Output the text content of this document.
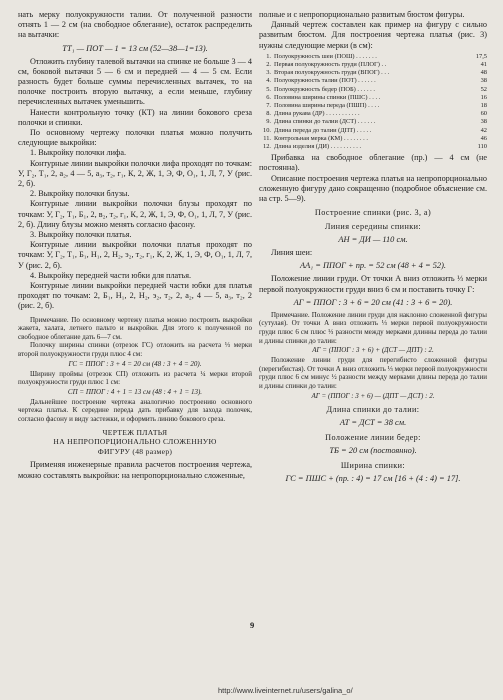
нать мерку полуокружности талии. От полученной разности отнять 1 — 2 см (на свободное облегание), остаток распределить на вытачки:

ТТ₁ — ПОТ — 1 = 13 см (52—38—1=13).

Отложить глубину талевой вытачки на спинке не больше 3 — 4 см, боковой вытачки 5 — 6 см и передней — 4 — 5 см. Если разность будет больше суммы перечисленных вытачек, то на полочке построить вторую вытачку, а если меньше, глубину перечисленных вытачек уменьшить.

Нанести контрольную точку (КТ) на линии бокового среза полочки и спинки.

По основному чертежу полочки платья можно получить следующие выкройки:

1. Выкройку полочки лифа.

Контурные линии выкройки полочки лифа проходят по точкам: У, Г₂, Т₁, 2, а₂, 4 — 5, а₃, т₂, г₁, К, 2, Ж, 1, Э, Ф, О₁, 1, Л, 7, У (рис. 2, б).

2. Выкройку полочки блузы.

Контурные линии выкройки полочки блузы проходят по точкам: У, Г₂, Т₁, Б₁, 2, в₂, т₂, г₁, К, 2, Ж, 1, Э, Ф, О₁, 1, Л, 7, У (рис. 2, б). Длину блузы можно менять согласно фасону.

3. Выкройку полочки платья.

Контурные линии выкройки полочки платья проходят по точкам: У, Г₂, Т₁, Б₁, Н₁, 2, Н₂, э₂, т₂, г₁, К, 2, Ж, 1, Э, Ф, О₁, 1, Л, 7, У (рис. 2, б).

4. Выкройку передней части юбки для платья.

Контурные линии выкройки передней части юбки для платья проходят по точкам: 2, Б₁, Н₁, 2, Н₂, э₂, т₂, 2, а₂, 4 — 5, а₃, т₂, 2 (рис. 2, б).

Примечание. По основному чертежу платья можно построить выкройки жакета, халата, летнего пальто и выкройки. Для этого к полученной по свободное облегание дать 6—7 см.

Полочку ширины спинки (отрезок ГС) отложить на расчета ⅓ мерки второй полуокружности груди плюс 4 см:

ГС = ППОГ : 3 + 4 = 20 см (48 : 3 + 4 = 20).

Ширину проймы (отрезок СП) отложить из расчета ¼ мерки второй полуокружности груди плюс 1 см:

СП = ППОГ : 4 + 1 = 13 см (48 : 4 + 1 = 13).

Дальнейшее построение чертежа аналогично построению основного чертежа платья. К середине переда дать прибавку для захода полочек, согласно фасону и виду застежки, и оформить линию бокового среза.

ЧЕРТЕЖ ПЛАТЬЯ

НА НЕПРОПОРЦИОНАЛЬНО СЛОЖЕННУЮ

ФИГУРУ (48 размер)

Применяя инженерные правила расчетов построения чертежа, можно составлять выкройки: на непропорционально сложенные,

полные и с непропорционально развитым бюстом фигуры.

Данный чертеж составлен как пример на фигуру с сильно развитым бюстом. Для построения чертежа платья (рис. 3) нужны следующие мерки (в см):

1.	Полуокружность шеи (ПОШ) . . . . . . .	17,5
2.	Первая полуокружность груди (ПЛОГ) . .	41
3.	Вторая полуокружность груди (ВПОГ) . . .	48
4.	Полуокружность талии (ПОТ) . . . . . .	38
5.	Полуокружность бедер (ПОБ) . . . . . .	52
6.	Половина ширины спинки (ПШС) . . . .	16
7.	Половина ширины переда (ПШП) . . . .	18
8.	Длина рукава (ДР) . . . . . . . . . . .	60
9.	Длина спинки до талии (ДСТ) . . . . . .	38
10.	Длина переда до талии (ДПТ) . . . . .	42
11.	Контрольная мерка (КМ) . . . . . . . .	46
12.	Длина изделия (ДИ) . . . . . . . . . .	110

Прибавка на свободное облегание (пр.) — 4 см (не постоянна).

Описание построения чертежа платья на непропорционально сложенную фигуру дано сокращенно (подробное объяснение см. на стр. 5—9).

Построение спинки (рис. 3, а)

Линия середины спинки:

АН = ДИ — 110 см.

Линия шеи:

АА₁ = ППОГ + пр. = 52 см (48 + 4 = 52).

Положение линии груди. От точки А вниз отложить ⅓ мерки первой полуокружности груди вниз 6 см и поставить точку Г:

АГ = ППОГ : 3 + 6 = 20 см (41 : 3 + 6 = 20).

Примечание. Положение линии груди для наклонно сложенной фигуры (сутулая). От точки А вниз отложить ⅓ мерки первой полуокружности груди плюс 6 см плюс ⅓ разности между мерками длинны переда до талии и длины спинки до талии:

АГ = (ППОГ : 3 + 6) + (ДСТ — ДПТ) : 2.

Положение линии груди для перегибисто сложенной фигуры (перегибистая). От точки А вниз отложить ⅓ мерки первой полуокружности груди плюс 6 см минус ½ разности между мерками длины переда до талии и длины спинки до талии:

АГ = (ППОГ : 3 + 6) — (ДПТ — ДСТ) : 2.

Длина спинки до талии:

АТ = ДСТ = 38 см.

Положение линии бедер:

ТБ = 20 см (постоянно).

Ширина спинки:

ГС = ПШС + (пр. : 4) = 17 см [16 + (4 : 4) = 17].

9
http://www.liveinternet.ru/users/galina_o/
